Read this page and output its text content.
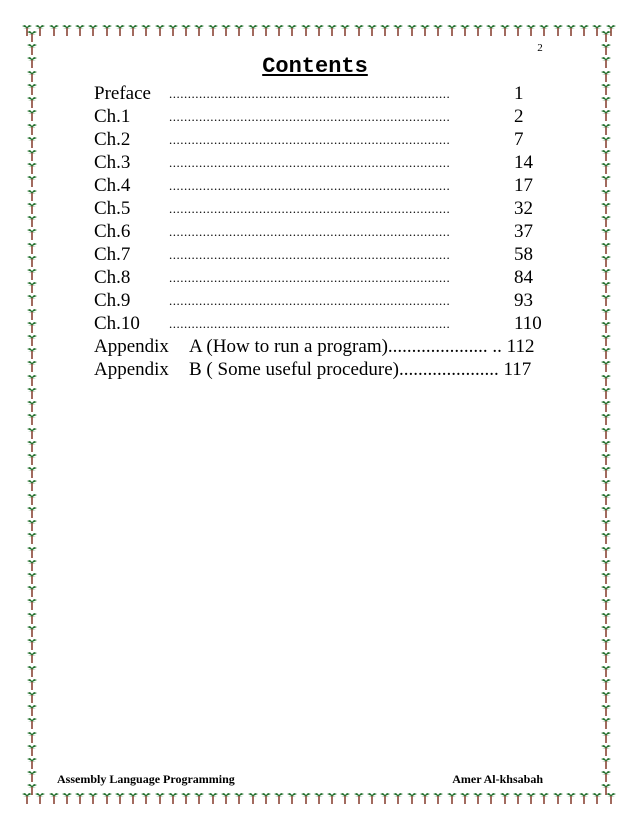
2
Contents
Preface ...........................................................................	1
Ch.1	...........................................................................	2
Ch.2	...........................................................................	7
Ch.3	...........................................................................	14
Ch.4	...........................................................................	17
Ch.5	...........................................................................	32
Ch.6	...........................................................................	37
Ch.7	...........................................................................	58
Ch.8	...........................................................................	84
Ch.9	...........................................................................	93
Ch.10 ...........................................................................	110
Appendix A (How to run a program)..................... .. 112
Appendix B ( Some useful procedure)..................... 117
Assembly Language Programming	Amer Al-khsabah
